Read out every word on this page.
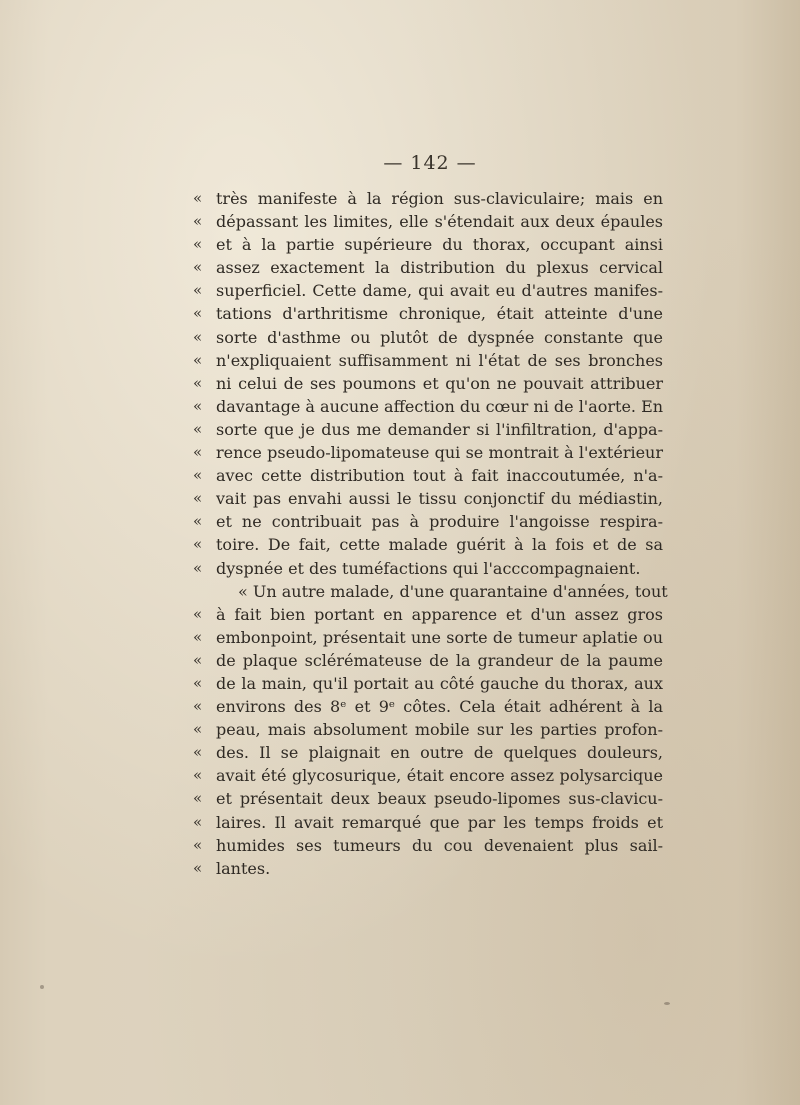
— 142 —
« très manifeste à la région sus-claviculaire; mais en
« dépassant les limites, elle s'étendait aux deux épaules
« et à la partie supérieure du thorax, occupant ainsi
« assez exactement la distribution du plexus cervical
« superficiel. Cette dame, qui avait eu d'autres manifes-
« tations d'arthritisme chronique, était atteinte d'une
« sorte d'asthme ou plutôt de dyspnée constante que
« n'expliquaient suffisamment ni l'état de ses bronches
« ni celui de ses poumons et qu'on ne pouvait attribuer
« davantage à aucune affection du cœur ni de l'aorte. En
« sorte que je dus me demander si l'infiltration, d'appa-
« rence pseudo-lipomateuse qui se montrait à l'extérieur
« avec cette distribution tout à fait inaccoutumée, n'a-
« vait pas envahi aussi le tissu conjonctif du médiastin,
« et ne contribuait pas à produire l'angoisse respira-
« toire. De fait, cette malade guérit à la fois et de sa
« dyspnée et des tuméfactions qui l'acccompagnaient.
« Un autre malade, d'une quarantaine d'années, tout
« à fait bien portant en apparence et d'un assez gros
« embonpoint, présentait une sorte de tumeur aplatie ou
« de plaque sclérémateuse de la grandeur de la paume
« de la main, qu'il portait au côté gauche du thorax, aux
« environs des 8ᵉ et 9ᵉ côtes. Cela était adhérent à la
« peau, mais absolument mobile sur les parties profon-
« des. Il se plaignait en outre de quelques douleurs,
« avait été glycosurique, était encore assez polysarcique
« et présentait deux beaux pseudo-lipomes sus-clavicu-
« laires. Il avait remarqué que par les temps froids et
« humides ses tumeurs du cou devenaient plus sail-
« lantes.
